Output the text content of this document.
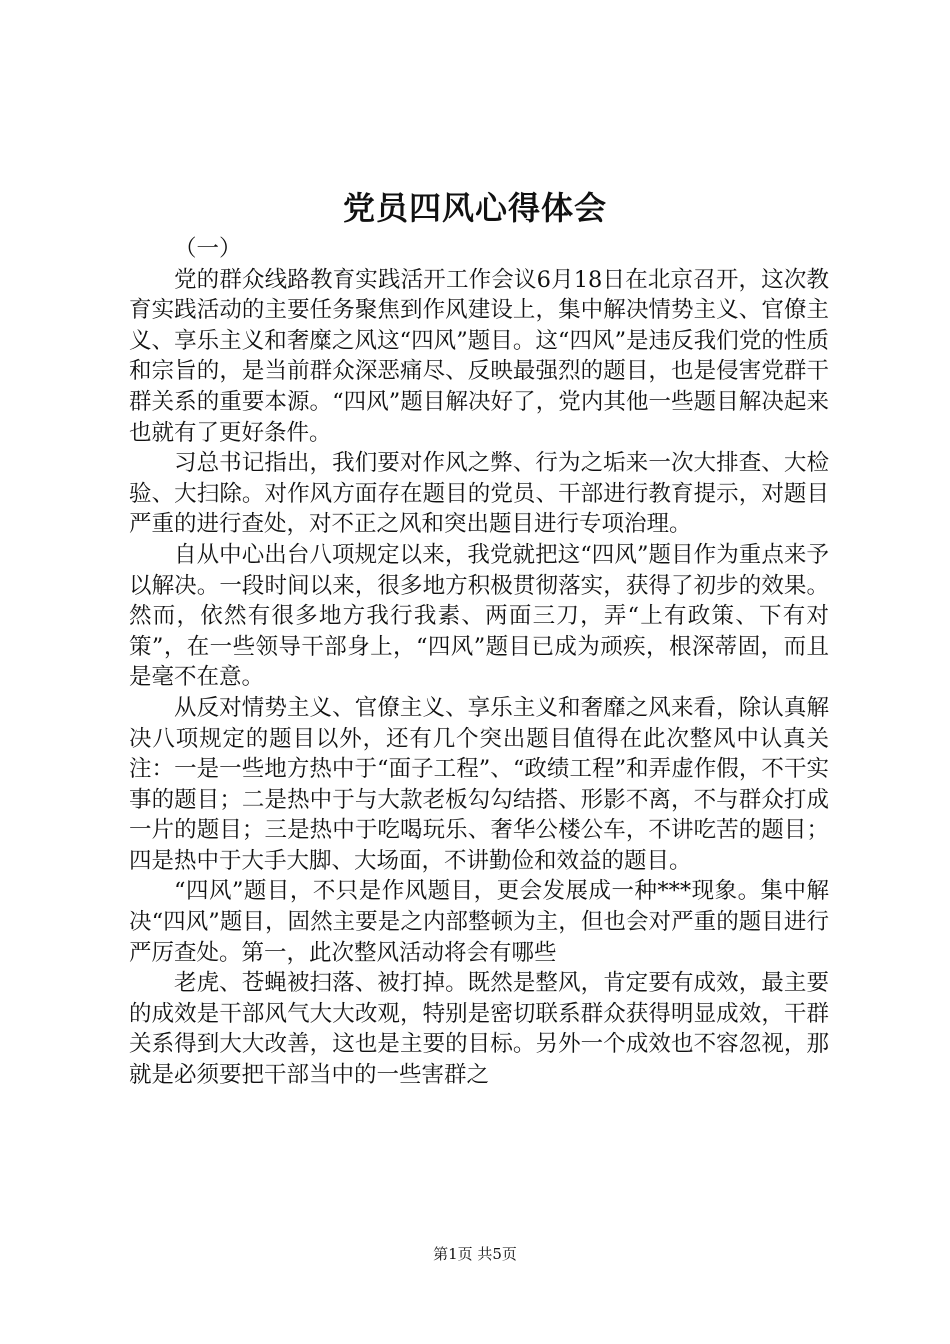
党员四风心得体会

（一）

党的群众线路教育实践活开工作会议6月18日在北京召开，这次教育实践活动的主要任务聚焦到作风建设上，集中解决情势主义、官僚主义、享乐主义和奢糜之风这“四风”题目。这“四风”是违反我们党的性质和宗旨的，是当前群众深恶痛尽、反映最强烈的题目，也是侵害党群干群关系的重要本源。“四风”题目解决好了，党内其他一些题目解决起来也就有了更好条件。

习总书记指出，我们要对作风之弊、行为之垢来一次大排查、大检验、大扫除。对作风方面存在题目的党员、干部进行教育提示，对题目严重的进行查处，对不正之风和突出题目进行专项治理。

自从中心出台八项规定以来，我党就把这“四风”题目作为重点来予以解决。一段时间以来，很多地方积极贯彻落实，获得了初步的效果。然而，依然有很多地方我行我素、两面三刀，弄“上有政策、下有对策”，在一些领导干部身上，“四风”题目已成为顽疾，根深蒂固，而且是毫不在意。

从反对情势主义、官僚主义、享乐主义和奢靡之风来看，除认真解决八项规定的题目以外，还有几个突出题目值得在此次整风中认真关注：一是一些地方热中于“面子工程”、“政绩工程”和弄虚作假，不干实事的题目；二是热中于与大款老板勾勾结搭、形影不离，不与群众打成一片的题目；三是热中于吃喝玩乐、奢华公楼公车，不讲吃苦的题目；四是热中于大手大脚、大场面，不讲勤俭和效益的题目。

“四风”题目，不只是作风题目，更会发展成一种***现象。集中解决“四风”题目，固然主要是之内部整顿为主，但也会对严重的题目进行严厉查处。第一，此次整风活动将会有哪些

老虎、苍蝇被扫落、被打掉。既然是整风，肯定要有成效，最主要的成效是干部风气大大改观，特别是密切联系群众获得明显成效，干群关系得到大大改善，这也是主要的目标。另外一个成效也不容忽视，那就是必须要把干部当中的一些害群之

第1页 共5页
